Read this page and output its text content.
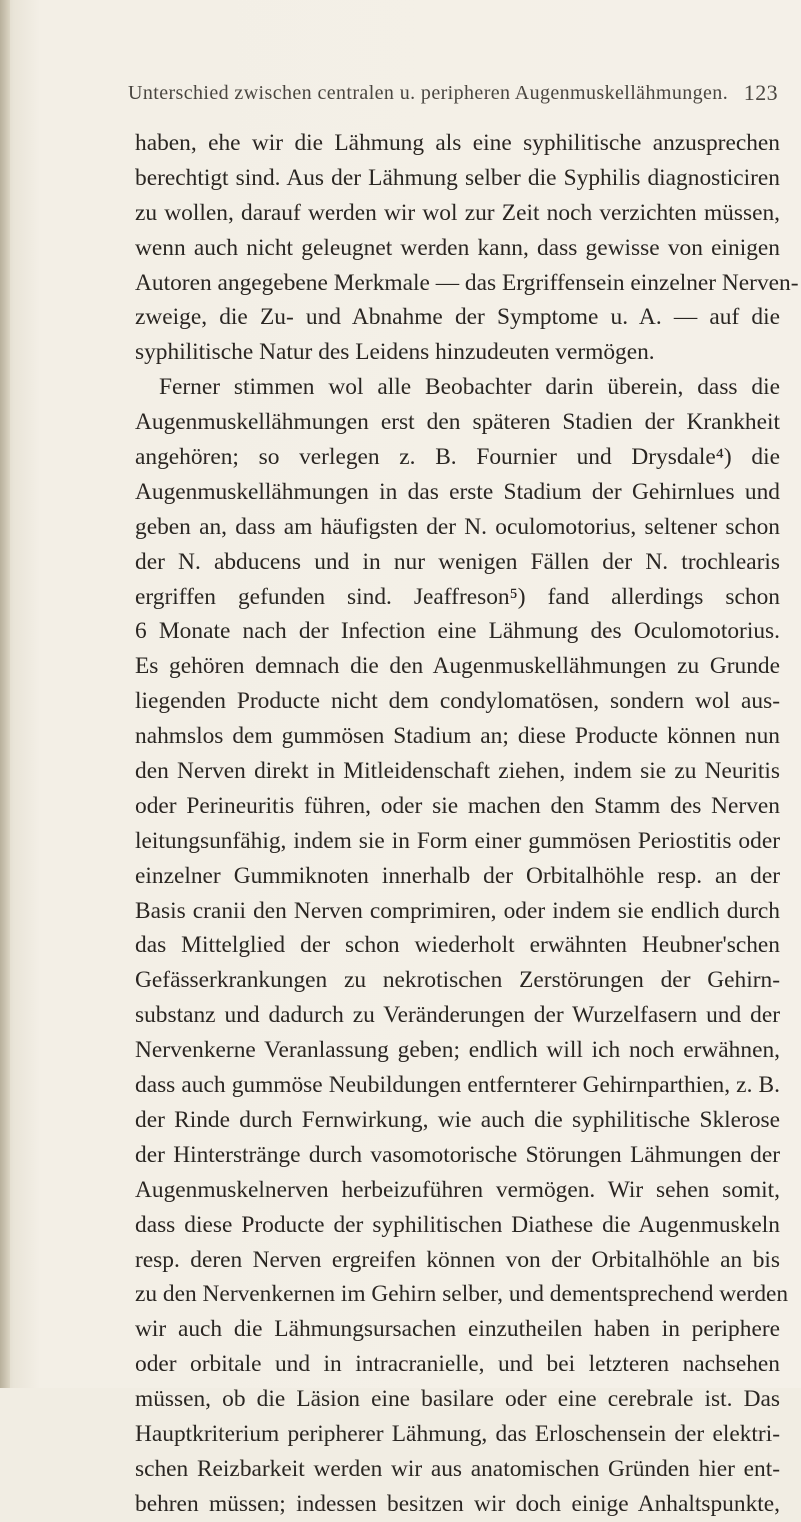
Unterschied zwischen centralen u. peripheren Augenmuskellähmungen. 123
haben, ehe wir die Lähmung als eine syphilitische anzusprechen
berechtigt sind. Aus der Lähmung selber die Syphilis diagnosticiren
zu wollen, darauf werden wir wol zur Zeit noch verzichten müssen,
wenn auch nicht geleugnet werden kann, dass gewisse von einigen
Autoren angegebene Merkmale — das Ergriffensein einzelner Nerven-
zweige, die Zu- und Abnahme der Symptome u. A. — auf die
syphilitische Natur des Leidens hinzudeuten vermögen.
Ferner stimmen wol alle Beobachter darin überein, dass die
Augenmuskellähmungen erst den späteren Stadien der Krankheit
angehören; so verlegen z. B. Fournier und Drysdale⁴) die
Augenmuskellähmungen in das erste Stadium der Gehirnlues und
geben an, dass am häufigsten der N. oculomotorius, seltener schon
der N. abducens und in nur wenigen Fällen der N. trochlearis
ergriffen gefunden sind. Jeaffreson⁵) fand allerdings schon
6 Monate nach der Infection eine Lähmung des Oculomotorius.
Es gehören demnach die den Augenmuskellähmungen zu Grunde
liegenden Producte nicht dem condylomatösen, sondern wol aus-
nahmslos dem gummösen Stadium an; diese Producte können nun
den Nerven direkt in Mitleidenschaft ziehen, indem sie zu Neuritis
oder Perineuritis führen, oder sie machen den Stamm des Nerven
leitungsunfähig, indem sie in Form einer gummösen Periostitis oder
einzelner Gummiknoten innerhalb der Orbitalhöhle resp. an der
Basis cranii den Nerven comprimiren, oder indem sie endlich durch
das Mittelglied der schon wiederholt erwähnten Heubner'schen
Gefässerkrankungen zu nekrotischen Zerstörungen der Gehirn-
substanz und dadurch zu Veränderungen der Wurzelfasern und der
Nervenkerne Veranlassung geben; endlich will ich noch erwähnen,
dass auch gummöse Neubildungen entfernterer Gehirnparthien, z. B.
der Rinde durch Fernwirkung, wie auch die syphilitische Sklerose
der Hinterstränge durch vasomotorische Störungen Lähmungen der
Augenmuskelnerven herbeizuführen vermögen. Wir sehen somit,
dass diese Producte der syphilitischen Diathese die Augenmuskeln
resp. deren Nerven ergreifen können von der Orbitalhöhle an bis
zu den Nervenkernen im Gehirn selber, und dementsprechend werden
wir auch die Lähmungsursachen einzutheilen haben in periphere
oder orbitale und in intracranielle, und bei letzteren nachsehen
müssen, ob die Läsion eine basilare oder eine cerebrale ist. Das
Hauptkriterium peripherer Lähmung, das Erloschensein der elektri-
schen Reizbarkeit werden wir aus anatomischen Gründen hier ent-
behren müssen; indessen besitzen wir doch einige Anhaltspunkte,
